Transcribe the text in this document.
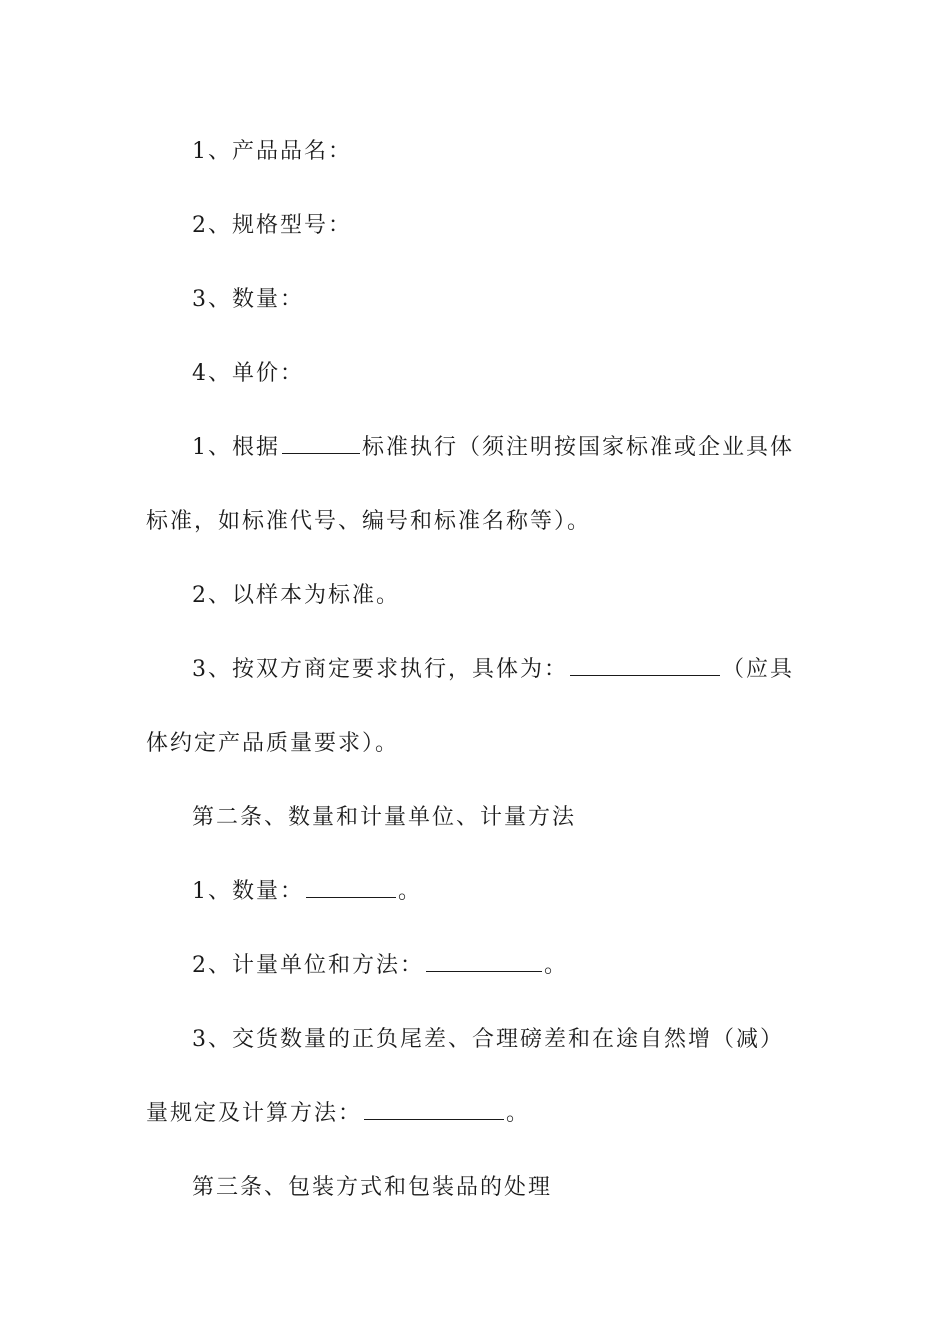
1、产品品名：
2、规格型号：
3、数量：
4、单价：
1、根据	标准执行（须注明按国家标准或企业具体标准，如标准代号、编号和标准名称等）。
2、以样本为标准。
3、按双方商定要求执行，具体为：	（应具体约定产品质量要求）。
第二条、数量和计量单位、计量方法
1、数量：	。
2、计量单位和方法：	。
3、交货数量的正负尾差、合理磅差和在途自然增（减）量规定及计算方法：	。
第三条、包装方式和包装品的处理
